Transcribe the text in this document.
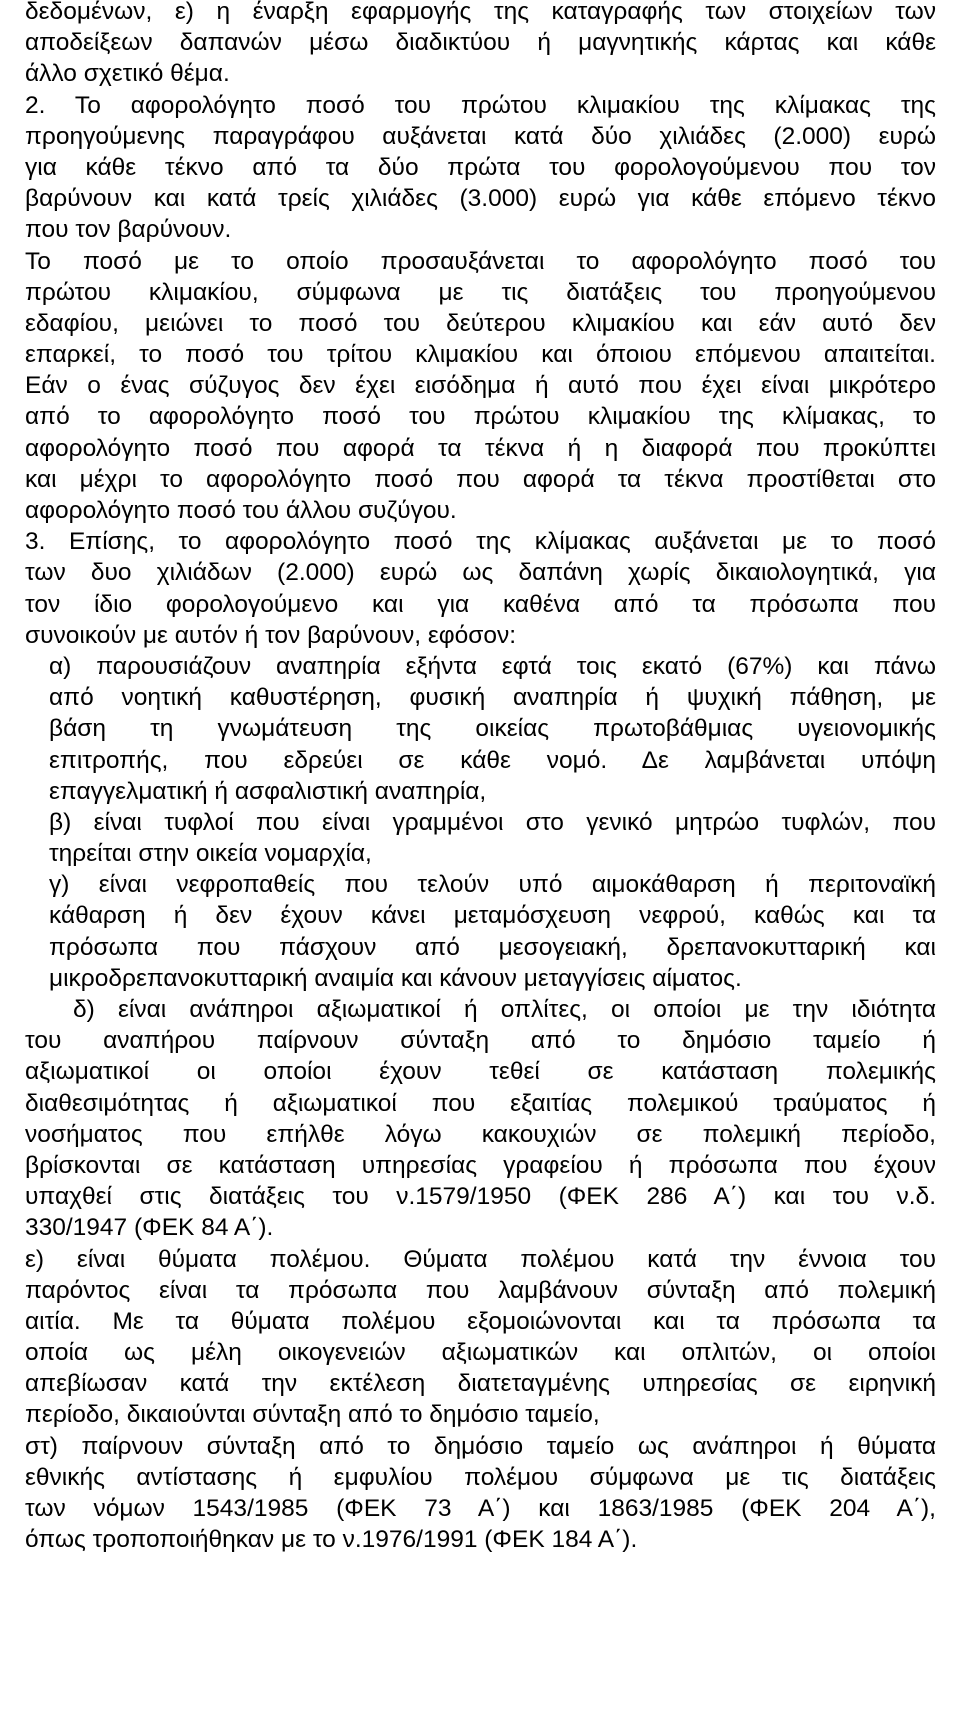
δεδομένων, ε) η έναρξη εφαρμογής της καταγραφής των στοιχείων των
αποδείξεων δαπανών μέσω διαδικτύου ή μαγνητικής κάρτας και κάθε
άλλο σχετικό θέμα.
2. Το αφορολόγητο ποσό του πρώτου κλιμακίου της κλίμακας της
προηγούμενης παραγράφου αυξάνεται κατά δύο χιλιάδες (2.000) ευρώ
για κάθε τέκνο από τα δύο πρώτα του φορολογούμενου που τον
βαρύνουν και κατά τρείς χιλιάδες (3.000) ευρώ για κάθε επόμενο τέκνο
που τον βαρύνουν.
Το ποσό με το οποίο προσαυξάνεται το αφορολόγητο ποσό του
πρώτου κλιμακίου, σύμφωνα με τις διατάξεις του προηγούμενου
εδαφίου, μειώνει το ποσό του δεύτερου κλιμακίου και εάν αυτό δεν
επαρκεί, το ποσό του τρίτου κλιμακίου και όποιου επόμενου απαιτείται.
Εάν ο ένας σύζυγος δεν έχει εισόδημα ή αυτό που έχει είναι μικρότερο
από το αφορολόγητο ποσό του πρώτου κλιμακίου της κλίμακας, το
αφορολόγητο ποσό που αφορά τα τέκνα ή η διαφορά που προκύπτει
και μέχρι το αφορολόγητο ποσό που αφορά τα τέκνα προστίθεται στο
αφορολόγητο ποσό του άλλου συζύγου.
3. Επίσης, το αφορολόγητο ποσό της κλίμακας αυξάνεται με το ποσό
των δυο χιλιάδων (2.000) ευρώ ως δαπάνη χωρίς δικαιολογητικά, για
τον ίδιο φορολογούμενο και για καθένα από τα πρόσωπα που
συνοικούν με αυτόν ή τον βαρύνουν, εφόσον:
α) παρουσιάζουν αναπηρία εξήντα εφτά τοις εκατό (67%) και πάνω
από νοητική καθυστέρηση, φυσική αναπηρία ή ψυχική πάθηση, με
βάση τη γνωμάτευση της οικείας πρωτοβάθμιας υγειονομικής
επιτροπής, που εδρεύει σε κάθε νομό. Δε λαμβάνεται υπόψη
επαγγελματική ή ασφαλιστική αναπηρία,
β) είναι τυφλοί που είναι γραμμένοι στο γενικό μητρώο τυφλών, που
τηρείται στην οικεία νομαρχία,
γ) είναι νεφροπαθείς που τελούν υπό αιμοκάθαρση ή περιτοναϊκή
κάθαρση ή δεν έχουν κάνει μεταμόσχευση νεφρού, καθώς και τα
πρόσωπα που πάσχουν από μεσογειακή, δρεπανοκυτταρική και
μικροδρεπανοκυτταρική αναιμία και κάνουν μεταγγίσεις αίματος.
δ) είναι ανάπηροι αξιωματικοί ή οπλίτες, οι οποίοι με την ιδιότητα
του αναπήρου παίρνουν σύνταξη από το δημόσιο ταμείο ή
αξιωματικοί οι οποίοι έχουν τεθεί σε κατάσταση πολεμικής
διαθεσιμότητας ή αξιωματικοί που εξαιτίας πολεμικού τραύματος ή
νοσήματος που επήλθε λόγω κακουχιών σε πολεμική περίοδο,
βρίσκονται σε κατάσταση υπηρεσίας γραφείου ή πρόσωπα που έχουν
υπαχθεί στις διατάξεις του ν.1579/1950 (ΦΕΚ 286 Α΄) και του ν.δ.
330/1947 (ΦΕΚ 84 Α΄).
ε) είναι θύματα πολέμου. Θύματα πολέμου κατά την έννοια του
παρόντος είναι τα πρόσωπα που λαμβάνουν σύνταξη από πολεμική
αιτία. Με τα θύματα πολέμου εξομοιώνονται και τα πρόσωπα τα
οποία ως μέλη οικογενειών αξιωματικών και οπλιτών, οι οποίοι
απεβίωσαν κατά την εκτέλεση διατεταγμένης υπηρεσίας σε ειρηνική
περίοδο, δικαιούνται σύνταξη από το δημόσιο ταμείο,
στ) παίρνουν σύνταξη από το δημόσιο ταμείο ως ανάπηροι ή θύματα
εθνικής αντίστασης ή εμφυλίου πολέμου σύμφωνα με τις διατάξεις
των νόμων 1543/1985 (ΦΕΚ 73 Α΄) και 1863/1985 (ΦΕΚ 204 Α΄),
όπως τροποποιήθηκαν με το ν.1976/1991 (ΦΕΚ 184 Α΄).
